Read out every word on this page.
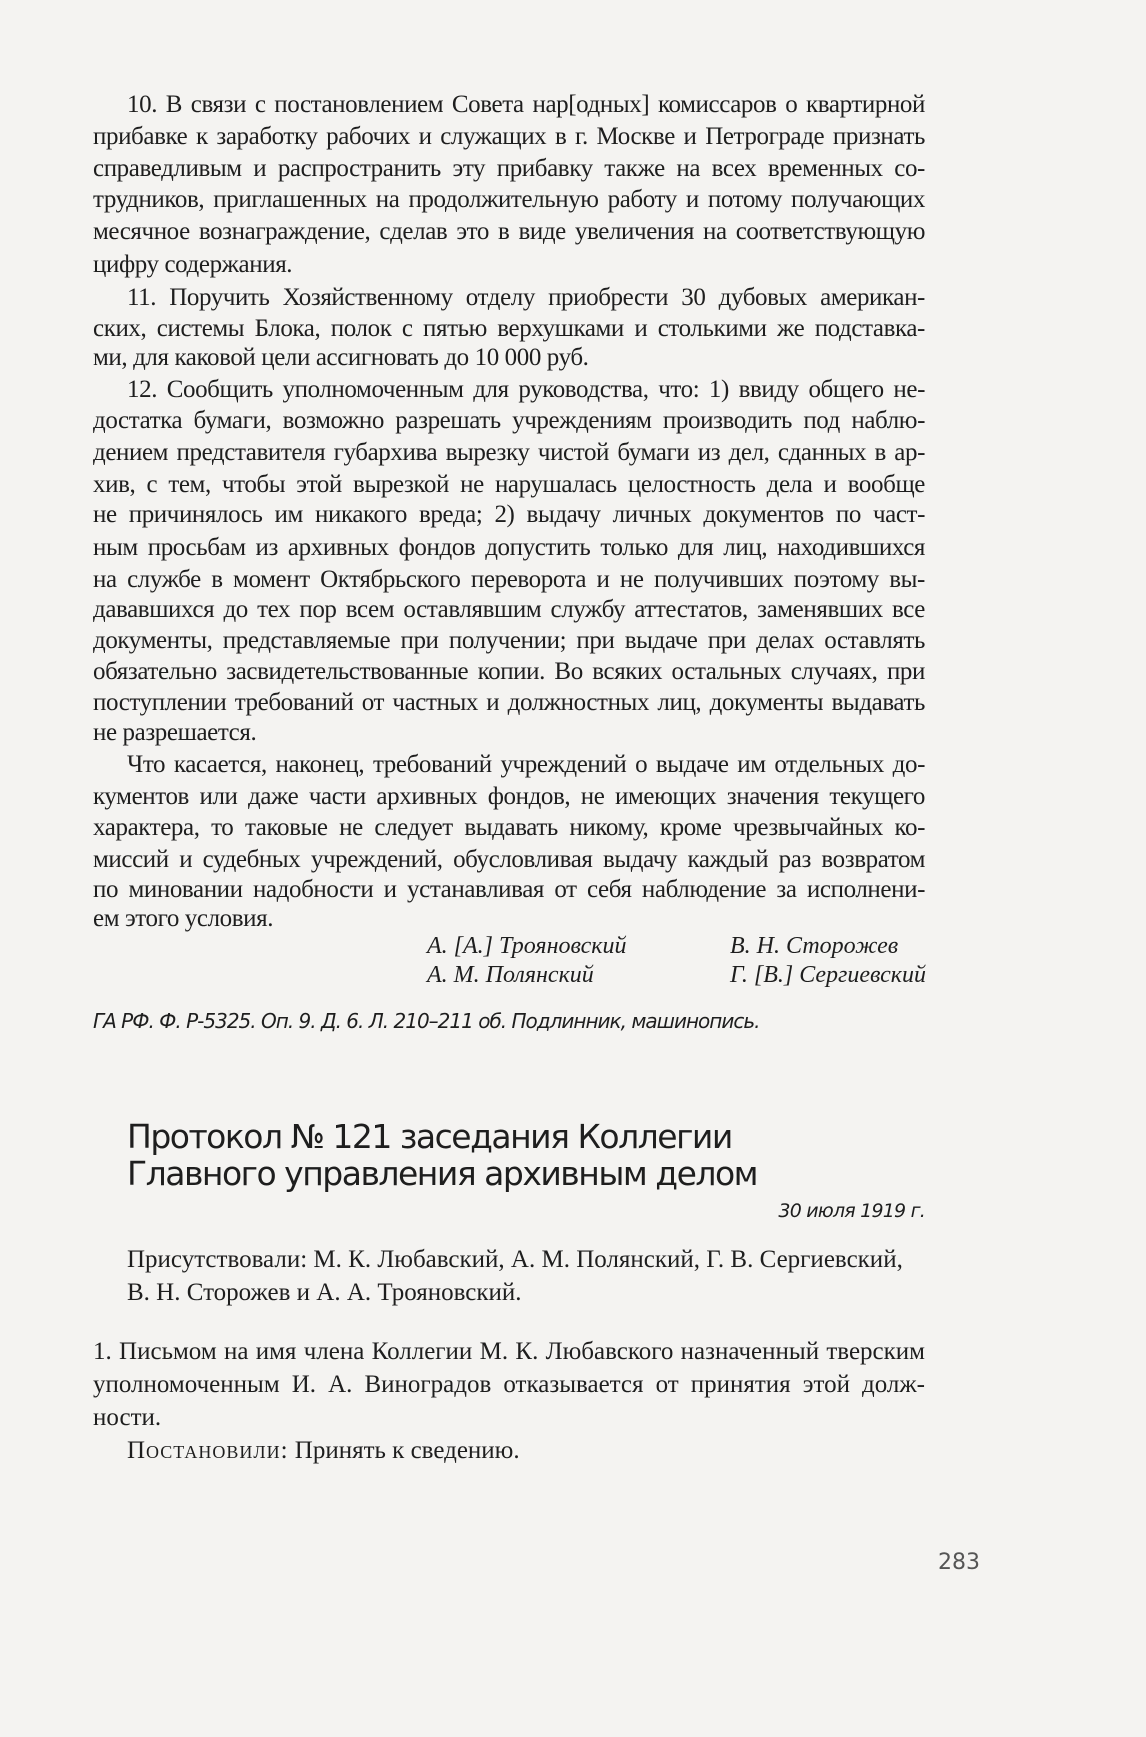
10. В связи с постановлением Совета нар[одных] комиссаров о квартирной
прибавке к заработку рабочих и служащих в г. Москве и Петрограде признать
справедливым и распространить эту прибавку также на всех временных со-
трудников, приглашенных на продолжительную работу и потому получающих
месячное вознаграждение, сделав это в виде увеличения на соответствующую
цифру содержания.
11. Поручить Хозяйственному отделу приобрести 30 дубовых американ-
ских, системы Блока, полок с пятью верхушками и столькими же подставка-
ми, для каковой цели ассигновать до 10 000 руб.
12. Сообщить уполномоченным для руководства, что: 1) ввиду общего не-
достатка бумаги, возможно разрешать учреждениям производить под наблю-
дением представителя губархива вырезку чистой бумаги из дел, сданных в ар-
хив, с тем, чтобы этой вырезкой не нарушалась целостность дела и вообще
не причинялось им никакого вреда; 2) выдачу личных документов по част-
ным просьбам из архивных фондов допустить только для лиц, находившихся
на службе в момент Октябрьского переворота и не получивших поэтому вы-
дававшихся до тех пор всем оставлявшим службу аттестатов, заменявших все
документы, представляемые при получении; при выдаче при делах оставлять
обязательно засвидетельствованные копии. Во всяких остальных случаях, при
поступлении требований от частных и должностных лиц, документы выдавать
не разрешается.
Что касается, наконец, требований учреждений о выдаче им отдельных до-
кументов или даже части архивных фондов, не имеющих значения текущего
характера, то таковые не следует выдавать никому, кроме чрезвычайных ко-
миссий и судебных учреждений, обусловливая выдачу каждый раз возвратом
по миновании надобности и устанавливая от себя наблюдение за исполнени-
ем этого условия.
А. [А.] Трояновский	В. Н. Сторожев
А. М. Полянский	Г. [В.] Сергиевский
ГА РФ. Ф. Р-5325. Оп. 9. Д. 6. Л. 210–211 об. Подлинник, машинопись.
Протокол № 121 заседания Коллегии
Главного управления архивным делом
30 июля 1919 г.
Присутствовали: М. К. Любавский, А. М. Полянский, Г. В. Сергиевский,
В. Н. Сторожев и А. А. Трояновский.
1. Письмом на имя члена Коллегии М. К. Любавского назначенный тверским
уполномоченным И. А. Виноградов отказывается от принятия этой долж-
ности.
Постановили: Принять к сведению.
283
